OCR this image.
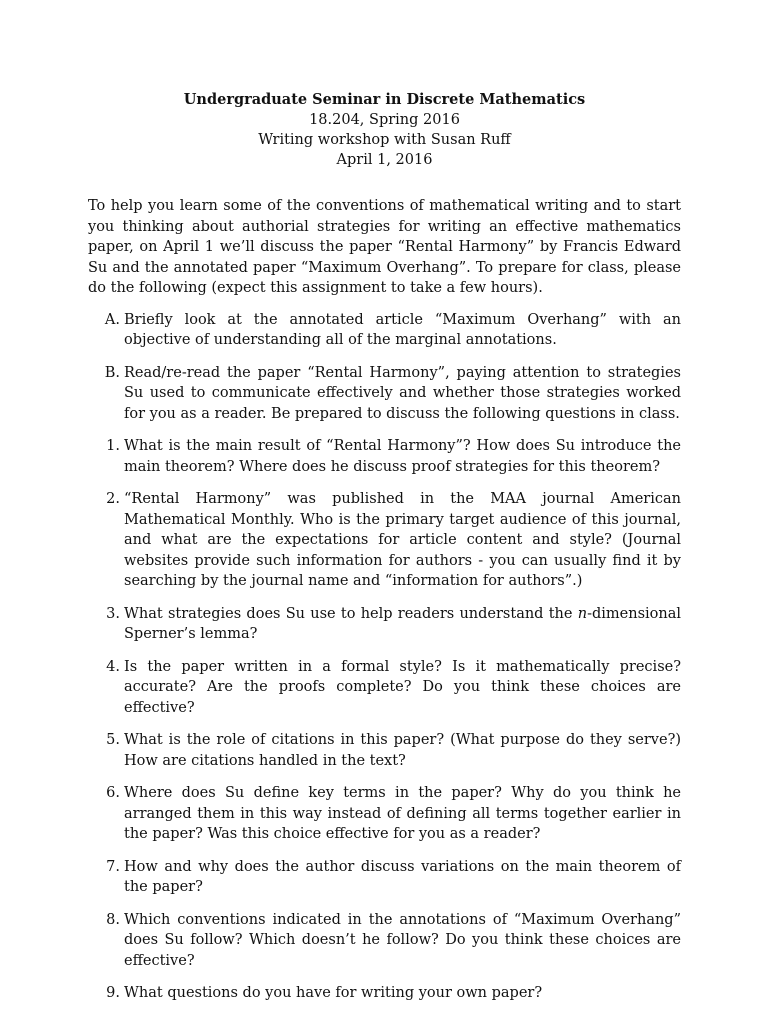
Undergraduate Seminar in Discrete Mathematics
18.204, Spring 2016
Writing workshop with Susan Ruff
April 1, 2016
To help you learn some of the conventions of mathematical writing and to start you thinking about authorial strategies for writing an effective mathematics paper, on April 1 we’ll discuss the paper “Rental Harmony” by Francis Edward Su and the annotated paper “Maximum Overhang”. To prepare for class, please do the following (expect this assignment to take a few hours).
A. Briefly look at the annotated article “Maximum Overhang” with an objective of understanding all of the marginal annotations.
B. Read/re-read the paper “Rental Harmony”, paying attention to strategies Su used to communicate effectively and whether those strategies worked for you as a reader. Be prepared to discuss the following questions in class.
1. What is the main result of “Rental Harmony”? How does Su introduce the main theorem? Where does he discuss proof strategies for this theorem?
2. “Rental Harmony” was published in the MAA journal American Mathematical Monthly. Who is the primary target audience of this journal, and what are the expectations for article content and style? (Journal websites provide such information for authors - you can usually find it by searching by the journal name and “information for authors”.)
3. What strategies does Su use to help readers understand the n-dimensional Sperner’s lemma?
4. Is the paper written in a formal style? Is it mathematically precise? accurate? Are the proofs complete? Do you think these choices are effective?
5. What is the role of citations in this paper? (What purpose do they serve?) How are citations handled in the text?
6. Where does Su define key terms in the paper? Why do you think he arranged them in this way instead of defining all terms together earlier in the paper? Was this choice effective for you as a reader?
7. How and why does the author discuss variations on the main theorem of the paper?
8. Which conventions indicated in the annotations of “Maximum Overhang” does Su follow? Which doesn’t he follow? Do you think these choices are effective?
9. What questions do you have for writing your own paper?
